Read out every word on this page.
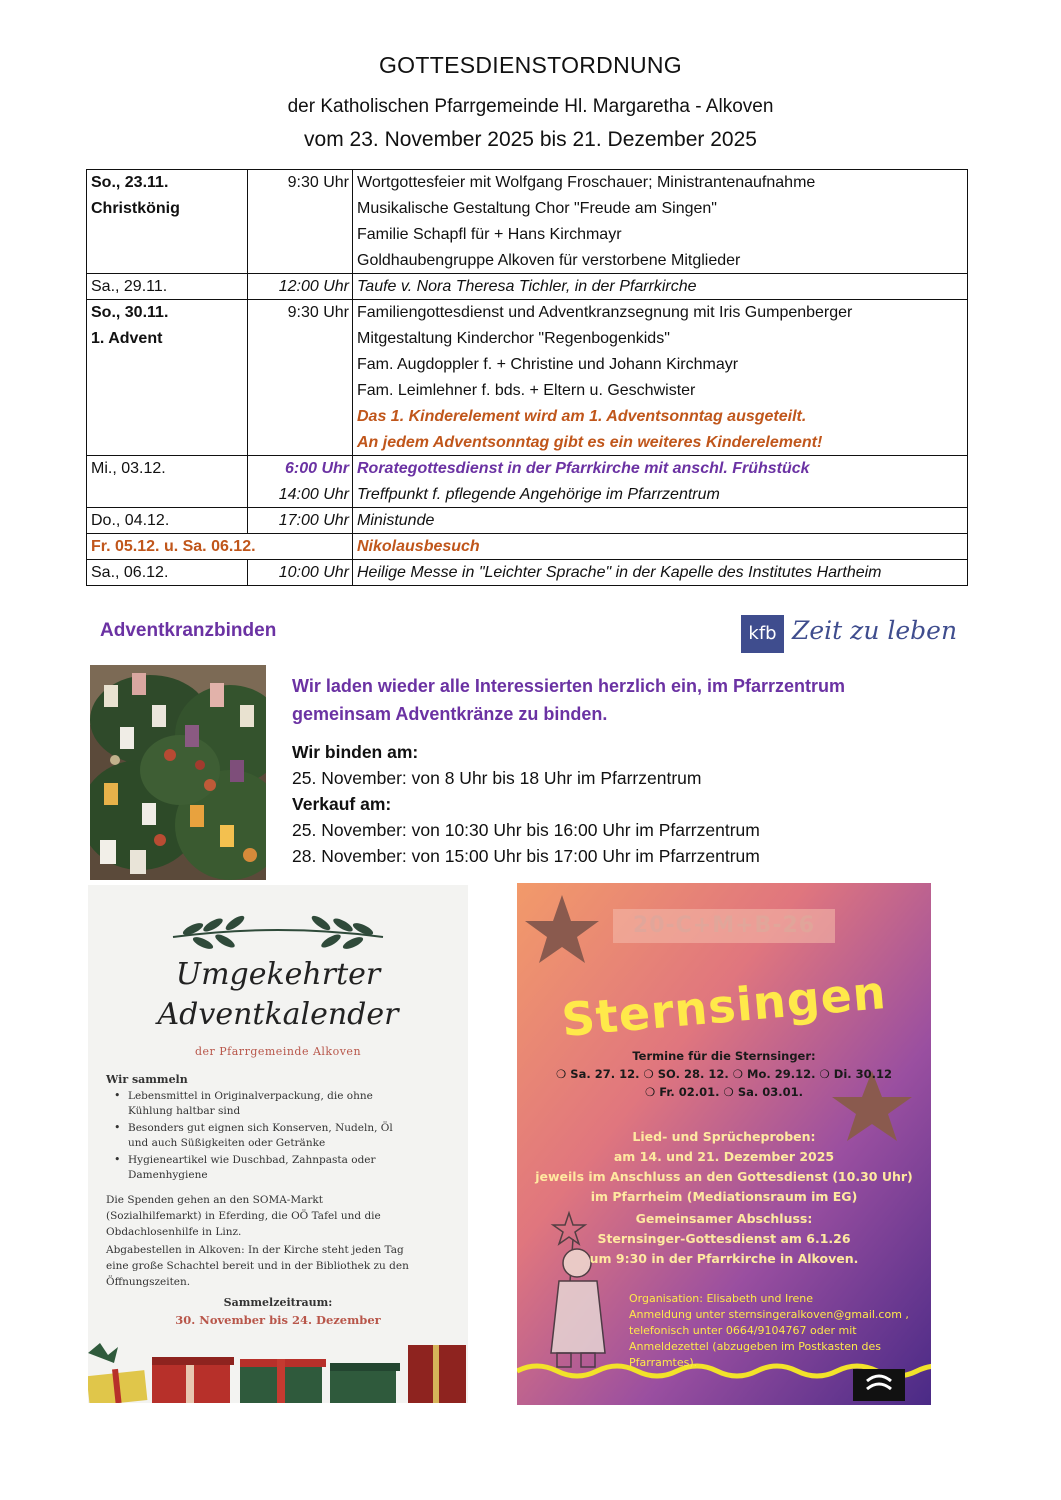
GOTTESDIENSTORDNUNG
der Katholischen Pfarrgemeinde Hl. Margaretha - Alkoven
vom 23. November 2025 bis 21. Dezember 2025
So., 23.11.	9:30 Uhr	Wortgottesfeier mit Wolfgang Froschauer; Ministrantenaufnahme
Christkönig		Musikalische Gestaltung Chor "Freude am Singen"
		Familie Schapfl für + Hans Kirchmayr
		Goldhaubengruppe Alkoven für verstorbene Mitglieder
Sa., 29.11.	12:00 Uhr	Taufe v. Nora Theresa Tichler, in der Pfarrkirche
So., 30.11.	9:30 Uhr	Familiengottesdienst und Adventkranzsegnung mit Iris Gumpenberger
1. Advent		Mitgestaltung Kinderchor "Regenbogenkids"
		Fam. Augdoppler f. + Christine und Johann Kirchmayr
		Fam. Leimlehner f. bds. + Eltern u. Geschwister
		Das 1. Kinderelement wird am 1. Adventsonntag ausgeteilt.
		An jedem Adventsonntag gibt es ein weiteres Kinderelement!
Mi., 03.12.	6:00 Uhr	Rorategottesdienst in der Pfarrkirche mit anschl. Frühstück
	14:00 Uhr	Treffpunkt f. pflegende Angehörige im Pfarrzentrum
Do., 04.12.	17:00 Uhr	Ministunde
Fr. 05.12. u. Sa. 06.12.		Nikolausbesuch
Sa., 06.12.	10:00 Uhr	Heilige Messe in "Leichter Sprache" in der Kapelle des Institutes Hartheim
Adventkranzbinden	kfb Zeit zu leben
Wir laden wieder alle Interessierten herzlich ein, im Pfarrzentrum
gemeinsam Adventkränze zu binden.
Wir binden am:
25. November: von 8 Uhr bis 18 Uhr im Pfarrzentrum
Verkauf am:
25. November: von 10:30 Uhr bis 16:00 Uhr im Pfarrzentrum
28. November: von 15:00 Uhr bis 17:00 Uhr im Pfarrzentrum
Umgekehrter
Adventkalender
der Pfarrgemeinde Alkoven
Wir sammeln
• Lebensmittel in Originalverpackung, die ohne
Kühlung haltbar sind
• Besonders gut eignen sich Konserven, Nudeln, Öl
und auch Süßigkeiten oder Getränke
• Hygieneartikel wie Duschbad, Zahnpasta oder
Damenhygiene
Die Spenden gehen an den SOMA-Markt
(Sozialhilfemarkt) in Eferding, die OÖ Tafel und die
Obdachlosenhilfe in Linz.
Abgabestellen in Alkoven: In der Kirche steht jeden Tag
eine große Schachtel bereit und in der Bibliothek zu den
Öffnungszeiten.
Sammelzeitraum:
30. November bis 24. Dezember
20-C+M+B-26
Sternsingen
Termine für die Sternsinger:
❍ Sa. 27. 12. ❍ SO. 28. 12. ❍ Mo. 29.12. ❍ Di. 30.12
❍ Fr. 02.01. ❍ Sa. 03.01.
Lied- und Sprücheproben:
am 14. und 21. Dezember 2025
jeweils im Anschluss an den Gottesdienst (10.30 Uhr)
im Pfarrheim (Mediationsraum im EG)
Gemeinsamer Abschluss:
Sternsinger-Gottesdienst am 6.1.26
um 9:30 in der Pfarrkirche in Alkoven.
Organisation: Elisabeth und Irene
Anmeldung unter sternsingeralkoven@gmail.com ,
telefonisch unter 0664/9104767 oder mit
Anmeldezettel (abzugeben im Postkasten des
Pfarramtes).
